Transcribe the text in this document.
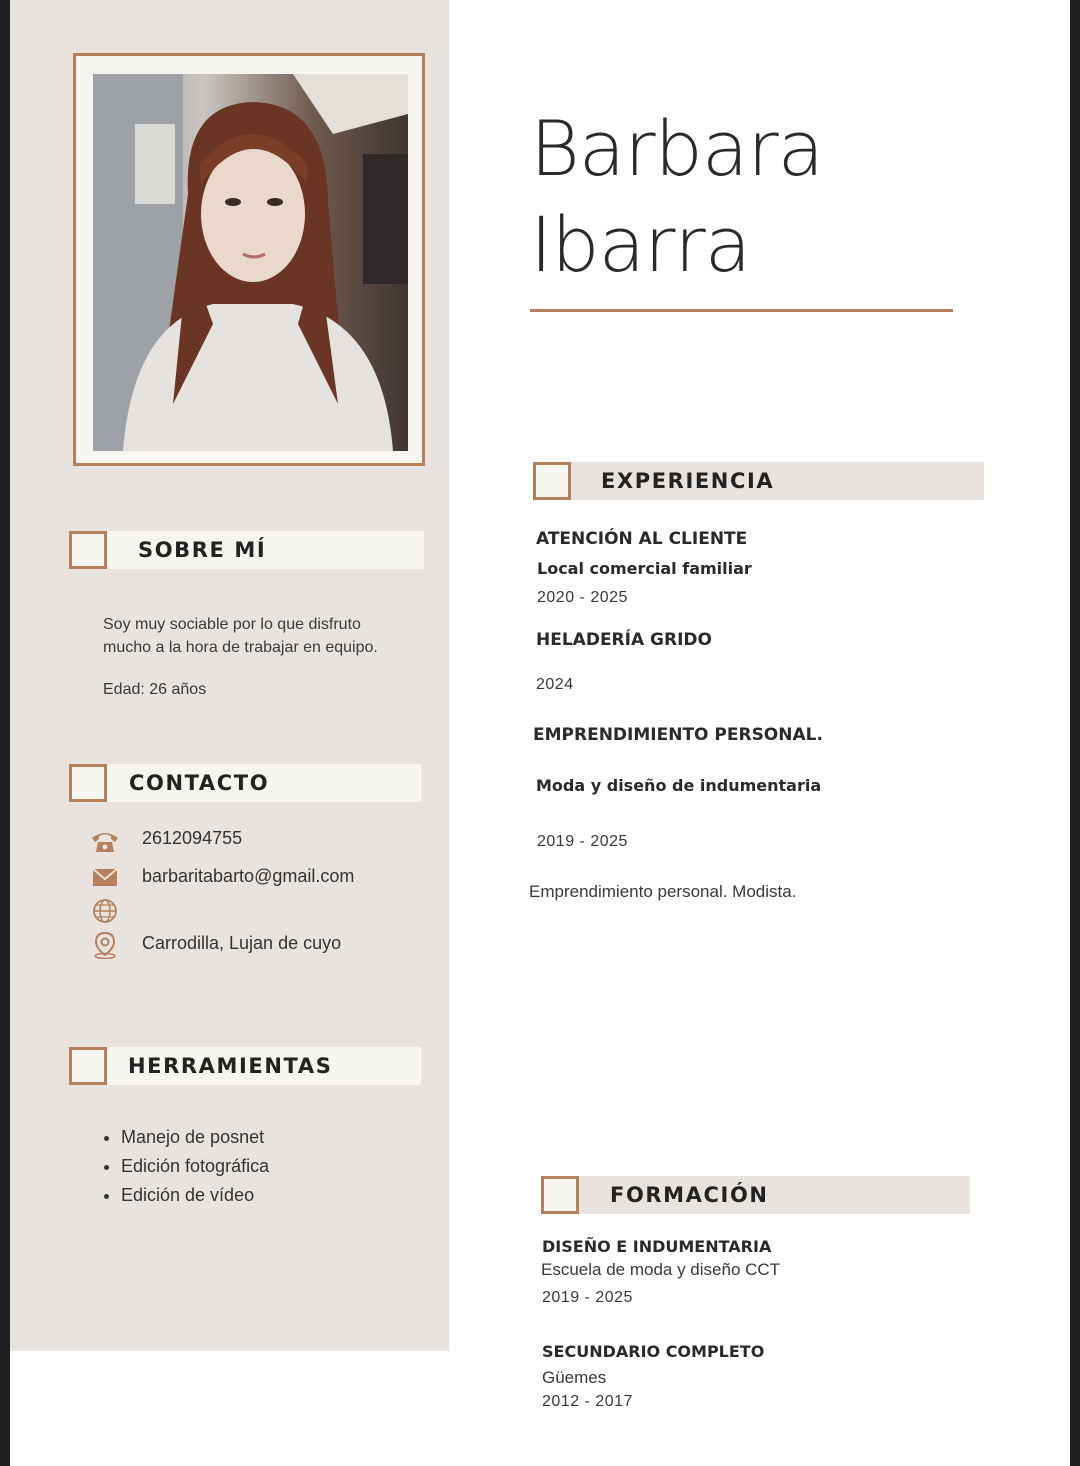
SOBRE MÍ
Soy muy sociable por lo que disfruto mucho a la hora de trabajar en equipo.
Edad: 26 años
CONTACTO
2612094755
barbaritabarto@gmail.com
Carrodilla, Lujan de cuyo
HERRAMIENTAS
• Manejo de posnet
• Edición fotográfica
• Edición de vídeo
Barbara
Ibarra
EXPERIENCIA
ATENCIÓN AL CLIENTE
Local comercial familiar
2020 - 2025
HELADERÍA GRIDO
2024
EMPRENDIMIENTO PERSONAL.
Moda y diseño de indumentaria
2019 - 2025
Emprendimiento personal. Modista.
FORMACIÓN
DISEÑO E INDUMENTARIA
Escuela de moda y diseño CCT
2019 - 2025
SECUNDARIO COMPLETO
Güemes
2012 - 2017
